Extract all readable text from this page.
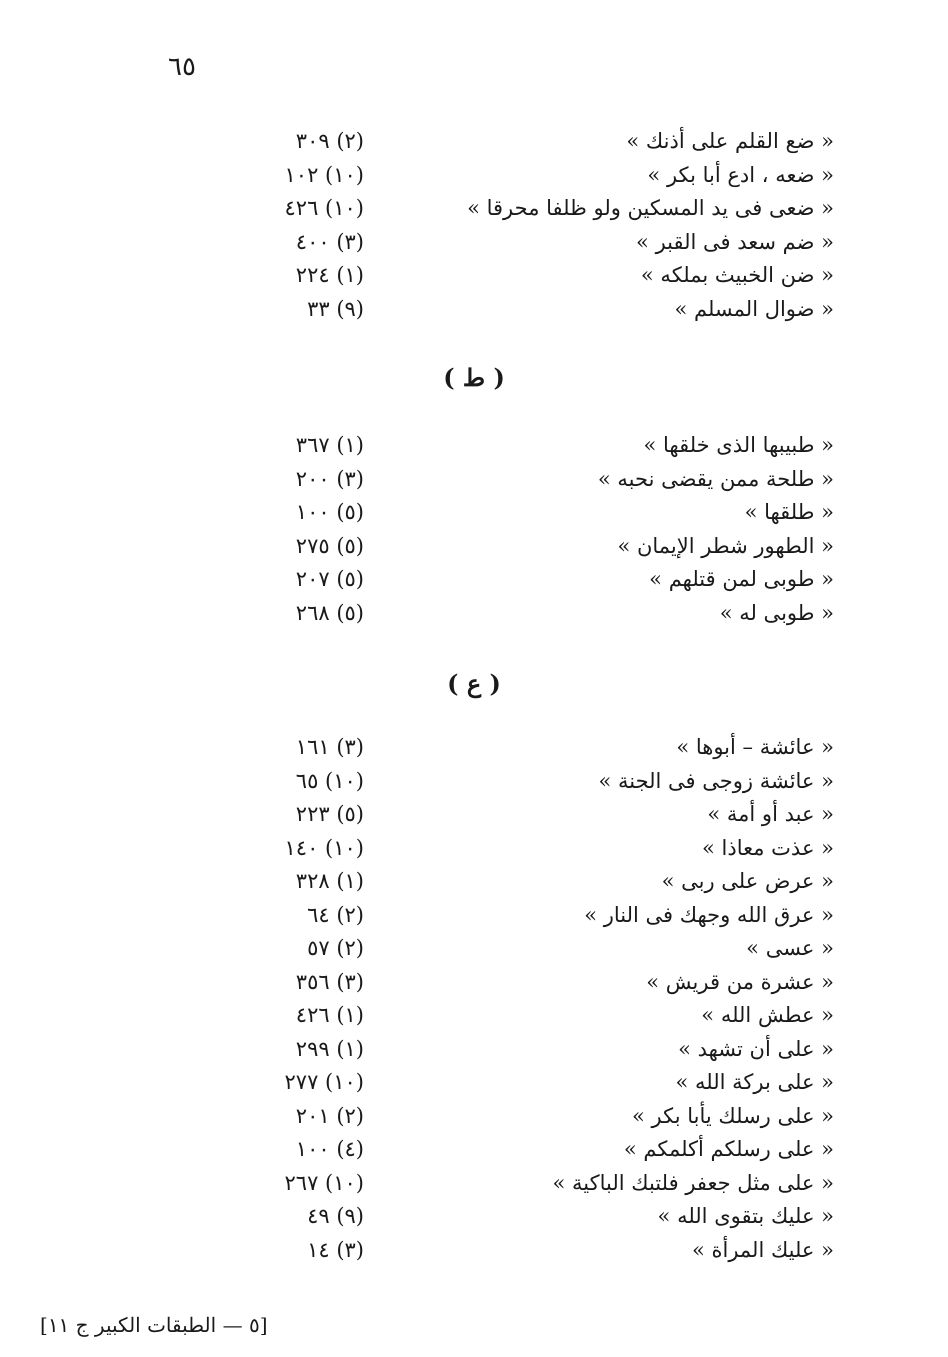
٦٥
« ضع القلم على أذنك »
(٢) ٣٠٩
« ضعه ، ادع أبا بكر »
(١٠) ١٠٢
« ضعى فى يد المسكين ولو ظلفا محرقا »
(١٠) ٤٢٦
« ضم سعد فى القبر »
(٣) ٤٠٠
« ضن الخبيث بملكه »
(١) ٢٢٤
« ضوال المسلم »
(٩) ٣٣
( ط )
« طبيبها الذى خلقها »
(١) ٣٦٧
« طلحة ممن يقضى نحبه »
(٣) ٢٠٠
« طلقها »
(٥) ١٠٠
« الطهور شطر الإيمان »
(٥) ٢٧٥
« طوبى لمن قتلهم »
(٥) ٢٠٧
« طوبى له »
(٥) ٢٦٨
( ع )
« عائشة – أبوها »
(٣) ١٦١
« عائشة زوجى فى الجنة »
(١٠) ٦٥
« عبد أو أمة »
(٥) ٢٢٣
« عذت معاذا »
(١٠) ١٤٠
« عرض على ربى »
(١) ٣٢٨
« عرق الله وجهك فى النار »
(٢) ٦٤
« عسى »
(٢) ٥٧
« عشرة من قريش »
(٣) ٣٥٦
« عطش الله »
(١) ٤٢٦
« على أن تشهد »
(١) ٢٩٩
« على بركة الله »
(١٠) ٢٧٧
« على رسلك يأبا بكر »
(٢) ٢٠١
« على رسلكم أكلمكم »
(٤) ١٠٠
« على مثل جعفر فلتبك الباكية »
(١٠) ٢٦٧
« عليك بتقوى الله »
(٩) ٤٩
« عليك المرأة »
(٣) ١٤
[٥ — الطبقات الكبير ج ١١]
